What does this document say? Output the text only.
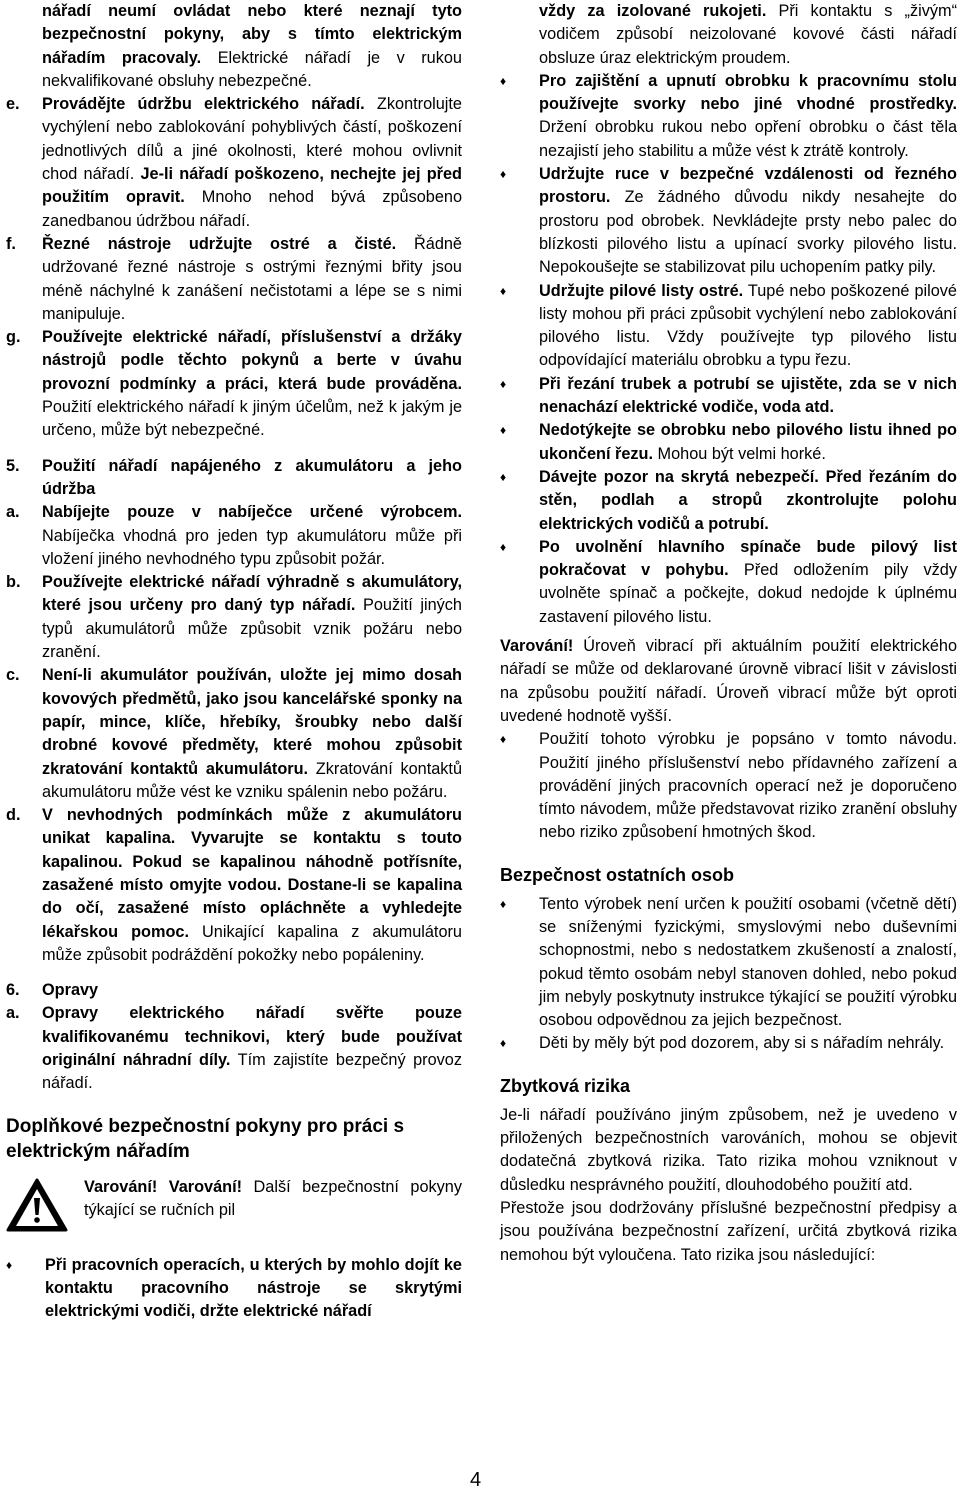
nářadí neumí ovládat nebo které neznají tyto bezpečnostní pokyny, aby s tímto elektrickým nářadím pracovaly. Elektrické nářadí je v rukou nekvalifikované obsluhy nebezpečné.
e. Provádějte údržbu elektrického nářadí. Zkontrolujte vychýlení nebo zablokování pohyblivých částí, poškození jednotlivých dílů a jiné okolnosti, které mohou ovlivnit chod nářadí. Je-li nářadí poškozeno, nechejte jej před použitím opravit. Mnoho nehod bývá způsobeno zanedbanou údržbou nářadí.
f. Řezné nástroje udržujte ostré a čisté. Řádně udržované řezné nástroje s ostrými řeznými břity jsou méně náchylné k zanášení nečistotami a lépe se s nimi manipuluje.
g. Používejte elektrické nářadí, příslušenství a držáky nástrojů podle těchto pokynů a berte v úvahu provozní podmínky a práci, která bude prováděna. Použití elektrického nářadí k jiným účelům, než k jakým je určeno, může být nebezpečné.
5. Použití nářadí napájeného z akumulátoru a jeho údržba
a. Nabíjejte pouze v nabíječce určené výrobcem. Nabíječka vhodná pro jeden typ akumulátoru může při vložení jiného nevhodného typu způsobit požár.
b. Používejte elektrické nářadí výhradně s akumulátory, které jsou určeny pro daný typ nářadí. Použití jiných typů akumulátorů může způsobit vznik požáru nebo zranění.
c. Není-li akumulátor používán, uložte jej mimo dosah kovových předmětů, jako jsou kancelářské sponky na papír, mince, klíče, hřebíky, šroubky nebo další drobné kovové předměty, které mohou způsobit zkratování kontaktů akumulátoru. Zkratování kontaktů akumulátoru může vést ke vzniku spálenin nebo požáru.
d. V nevhodných podmínkách může z akumulátoru unikat kapalina. Vyvarujte se kontaktu s touto kapalinou. Pokud se kapalinou náhodně potřísníte, zasažené místo omyjte vodou. Dostane-li se kapalina do očí, zasažené místo opláchněte a vyhledejte lékařskou pomoc. Unikající kapalina z akumulátoru může způsobit podráždění pokožky nebo popáleniny.
6. Opravy
a. Opravy elektrického nářadí svěřte pouze kvalifikovanému technikovi, který bude používat originální náhradní díly. Tím zajistíte bezpečný provoz nářadí.
Doplňkové bezpečnostní pokyny pro práci s elektrickým nářadím

Varování! Varování! Další bezpečnostní pokyny týkající se ručních pil

♦ Při pracovních operacích, u kterých by mohlo dojít ke kontaktu pracovního nástroje se skrytými elektrickými vodiči, držte elektrické nářadí
vždy za izolované rukojeti. Při kontaktu s „živým“ vodičem způsobí neizolované kovové části nářadí obsluze úraz elektrickým proudem.
♦ Pro zajištění a upnutí obrobku k pracovnímu stolu používejte svorky nebo jiné vhodné prostředky. Držení obrobku rukou nebo opření obrobku o část těla nezajistí jeho stabilitu a může vést k ztrátě kontroly.
♦ Udržujte ruce v bezpečné vzdálenosti od řezného prostoru. Ze žádného důvodu nikdy nesahejte do prostoru pod obrobek. Nevkládejte prsty nebo palec do blízkosti pilového listu a upínací svorky pilového listu. Nepokoušejte se stabilizovat pilu uchopením patky pily.
♦ Udržujte pilové listy ostré. Tupé nebo poškozené pilové listy mohou při práci způsobit vychýlení nebo zablokování pilového listu. Vždy používejte typ pilového listu odpovídající materiálu obrobku a typu řezu.
♦ Při řezání trubek a potrubí se ujistěte, zda se v nich nenachází elektrické vodiče, voda atd.
♦ Nedotýkejte se obrobku nebo pilového listu ihned po ukončení řezu. Mohou být velmi horké.
♦ Dávejte pozor na skrytá nebezpečí. Před řezáním do stěn, podlah a stropů zkontrolujte polohu elektrických vodičů a potrubí.
♦ Po uvolnění hlavního spínače bude pilový list pokračovat v pohybu. Před odložením pily vždy uvolněte spínač a počkejte, dokud nedojde k úplnému zastavení pilového listu.

Varování! Úroveň vibrací při aktuálním použití elektrického nářadí se může od deklarované úrovně vibrací lišit v závislosti na způsobu použití nářadí. Úroveň vibrací může být oproti uvedené hodnotě vyšší.

♦ Použití tohoto výrobku je popsáno v tomto návodu. Použití jiného příslušenství nebo přídavného zařízení a provádění jiných pracovních operací než je doporučeno tímto návodem, může představovat riziko zranění obsluhy nebo riziko způsobení hmotných škod.
Bezpečnost ostatních osob
♦ Tento výrobek není určen k použití osobami (včetně dětí) se sníženými fyzickými, smyslovými nebo duševními schopnostmi, nebo s nedostatkem zkušeností a znalostí, pokud těmto osobám nebyl stanoven dohled, nebo pokud jim nebyly poskytnuty instrukce týkající se použití výrobku osobou odpovědnou za jejich bezpečnost.
♦ Děti by měly být pod dozorem, aby si s nářadím nehrály.
Zbytková rizika

Je-li nářadí používáno jiným způsobem, než je uvedeno v přiložených bezpečnostních varováních, mohou se objevit dodatečná zbytková rizika. Tato rizika mohou vzniknout v důsledku nesprávného použití, dlouhodobého použití atd.

Přestože jsou dodržovány příslušné bezpečnostní předpisy a jsou používána bezpečnostní zařízení, určitá zbytková rizika nemohou být vyloučena. Tato rizika jsou následující:

4
